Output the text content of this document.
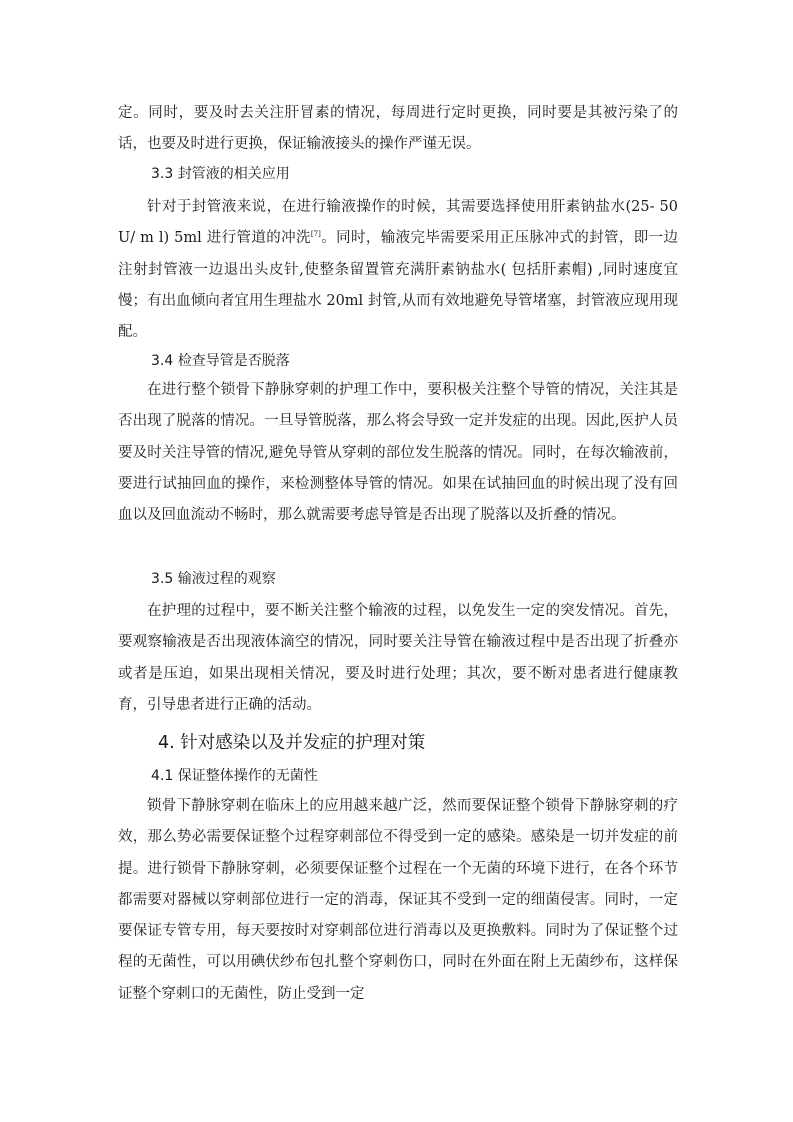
定。同时，要及时去关注肝冒素的情况，每周进行定时更换，同时要是其被污染了的话，也要及时进行更换，保证输液接头的操作严谨无误。

3.3 封管液的相关应用

针对于封管液来说，在进行输液操作的时候，其需要选择使用肝素钠盐水(25- 50U/ m l) 5ml 进行管道的冲洗[7]。同时，输液完毕需要采用正压脉冲式的封管，即一边注射封管液一边退出头皮针,使整条留置管充满肝素钠盐水( 包括肝素帽) ,同时速度宜慢；有出血倾向者宜用生理盐水 20ml 封管,从而有效地避免导管堵塞，封管液应现用现配。

3.4 检查导管是否脱落

在进行整个锁骨下静脉穿刺的护理工作中，要积极关注整个导管的情况，关注其是否出现了脱落的情况。一旦导管脱落，那么将会导致一定并发症的出现。因此,医护人员要及时关注导管的情况,避免导管从穿刺的部位发生脱落的情况。同时，在每次输液前，要进行试抽回血的操作，来检测整体导管的情况。如果在试抽回血的时候出现了没有回血以及回血流动不畅时，那么就需要考虑导管是否出现了脱落以及折叠的情况。

3.5 输液过程的观察

在护理的过程中，要不断关注整个输液的过程，以免发生一定的突发情况。首先，要观察输液是否出现液体滴空的情况，同时要关注导管在输液过程中是否出现了折叠亦或者是压迫，如果出现相关情况，要及时进行处理；其次，要不断对患者进行健康教育，引导患者进行正确的活动。

4. 针对感染以及并发症的护理对策

4.1 保证整体操作的无菌性

锁骨下静脉穿刺在临床上的应用越来越广泛，然而要保证整个锁骨下静脉穿刺的疗效，那么势必需要保证整个过程穿刺部位不得受到一定的感染。感染是一切并发症的前提。进行锁骨下静脉穿刺，必须要保证整个过程在一个无菌的环境下进行，在各个环节都需要对器械以穿刺部位进行一定的消毒，保证其不受到一定的细菌侵害。同时，一定要保证专管专用，每天要按时对穿刺部位进行消毒以及更换敷料。同时为了保证整个过程的无菌性，可以用碘伏纱布包扎整个穿刺伤口，同时在外面在附上无菌纱布，这样保证整个穿刺口的无菌性，防止受到一定
